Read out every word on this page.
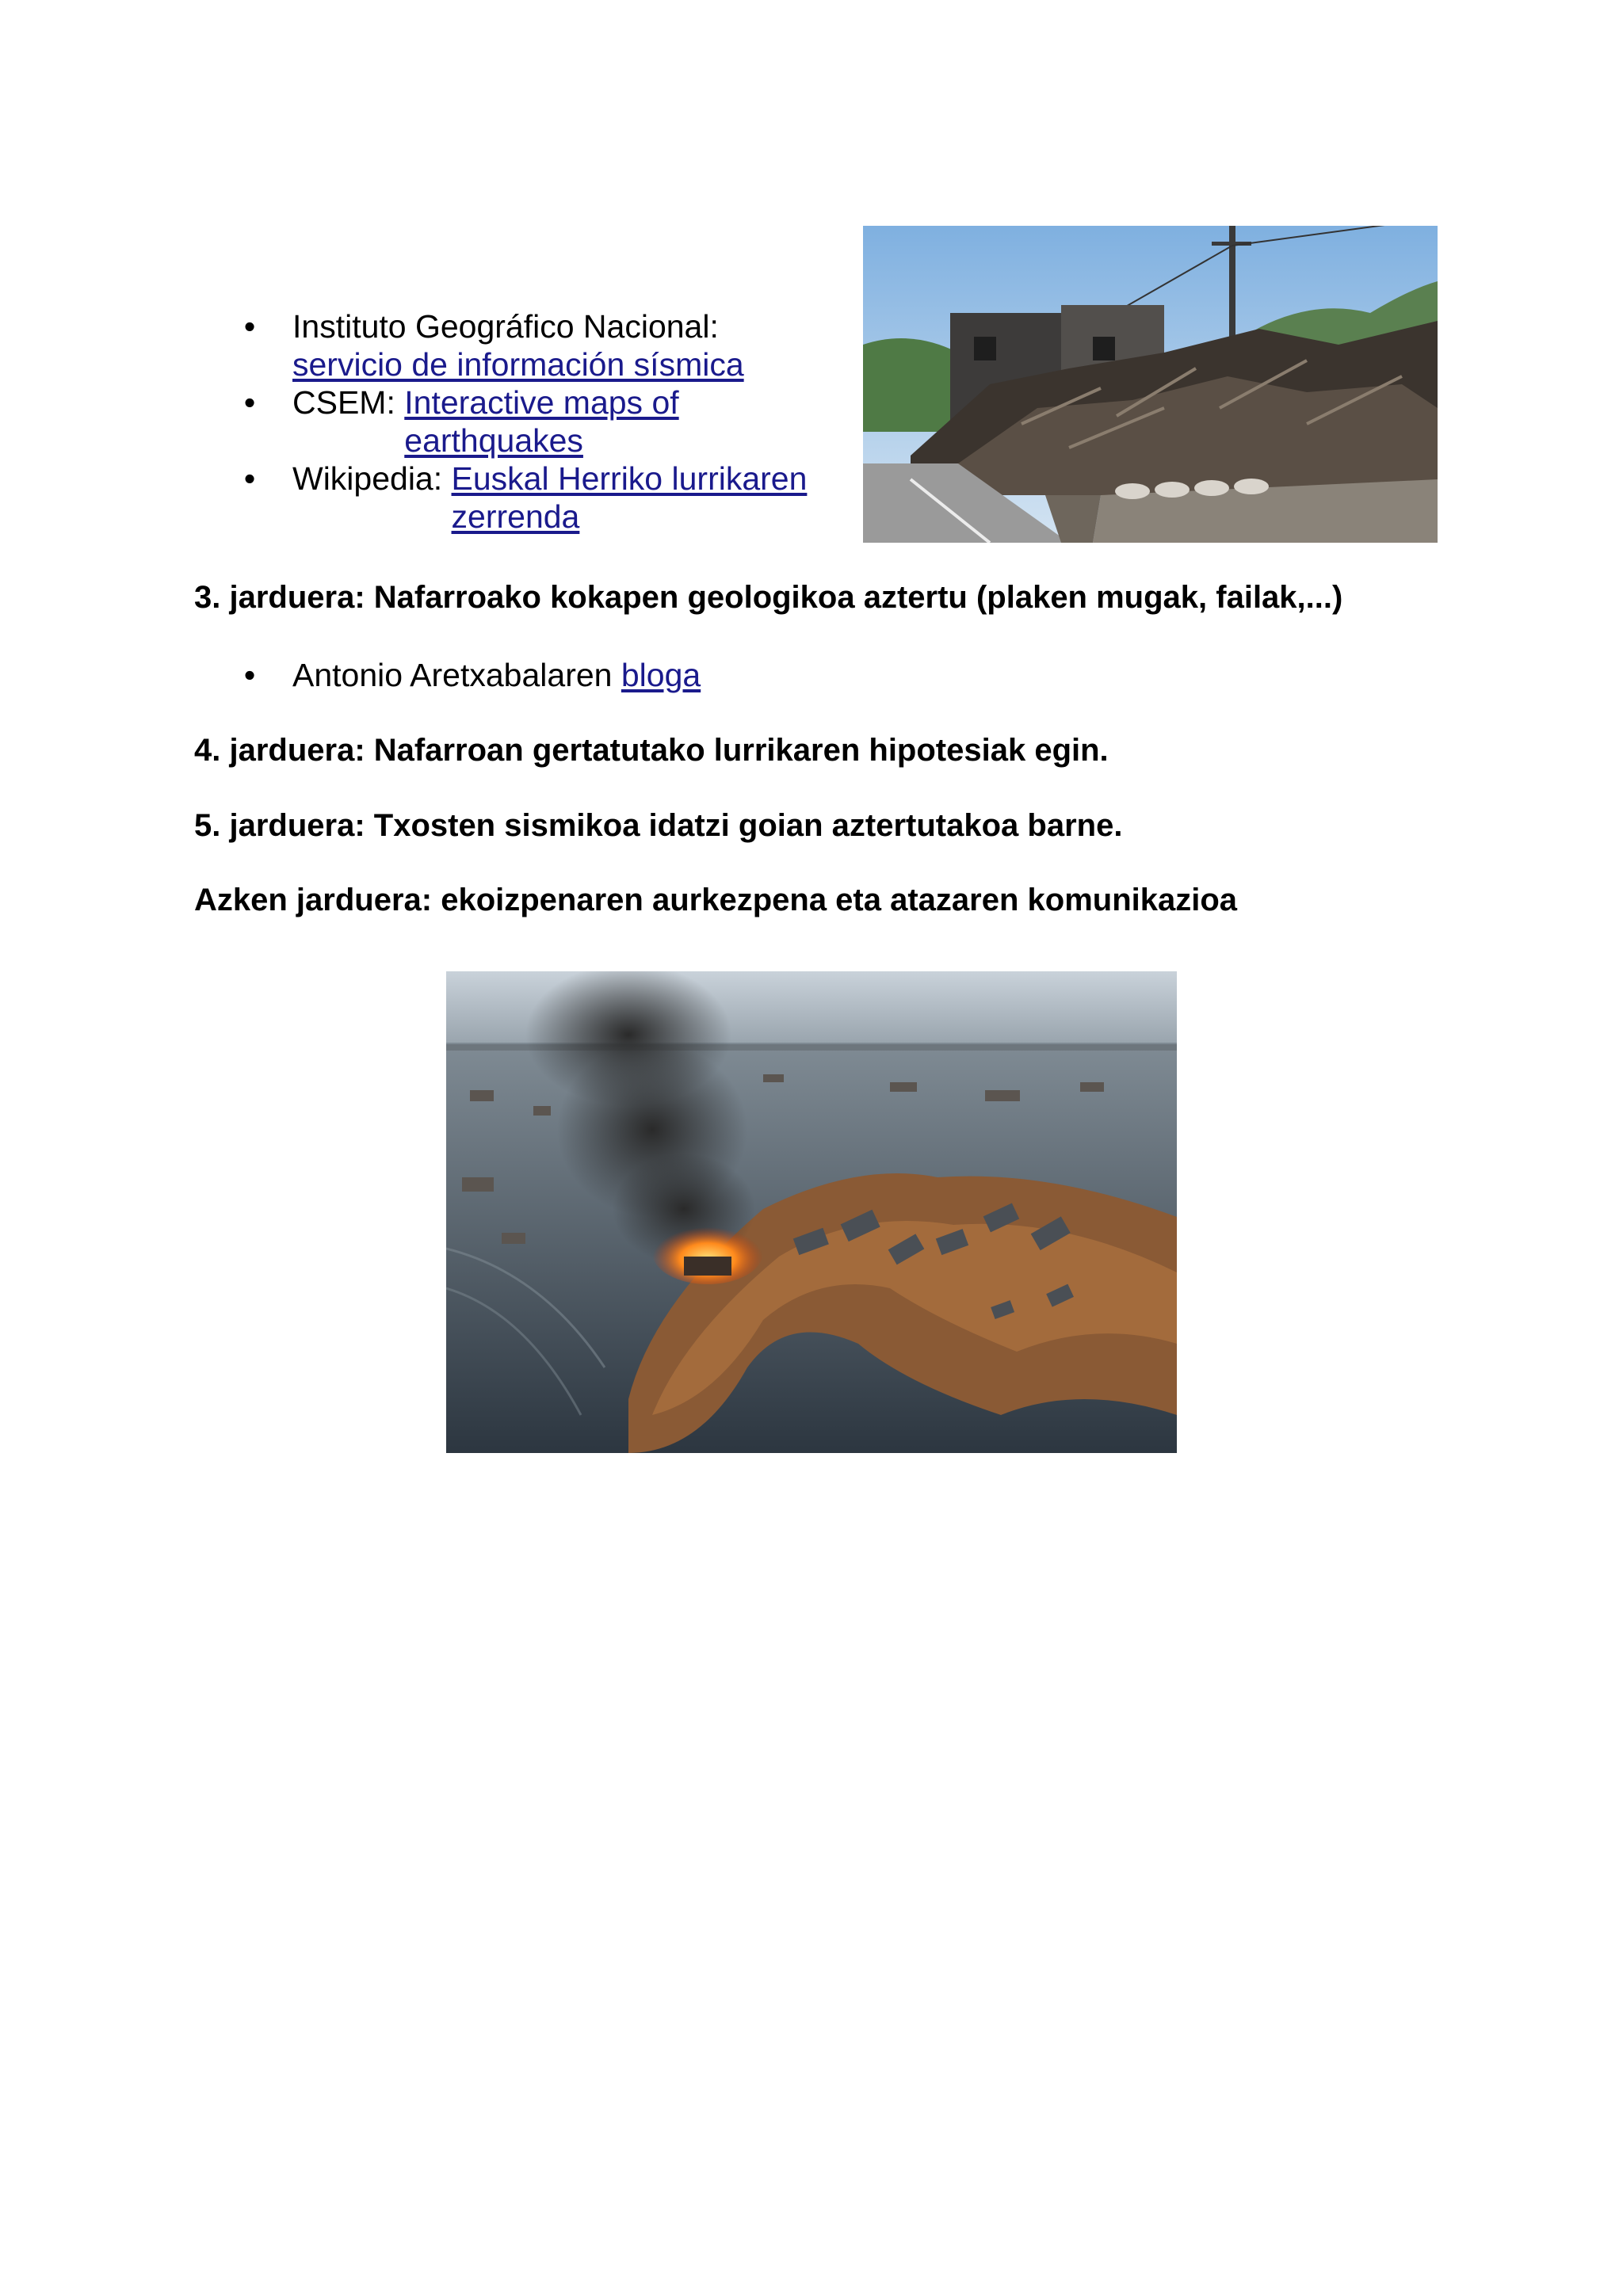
• Instituto Geográfico Nacional:
servicio de información sísmica
• CSEM: Interactive maps of earthquakes
• Wikipedia: Euskal Herriko lurrikaren zerrenda
3. jarduera: Nafarroako kokapen geologikoa aztertu (plaken mugak, failak,...)
• Antonio Aretxabalaren bloga
4. jarduera: Nafarroan gertatutako lurrikaren hipotesiak egin.
5. jarduera: Txosten sismikoa idatzi goian aztertutakoa barne.
Azken jarduera: ekoizpenaren aurkezpena eta atazaren komunikazioa
